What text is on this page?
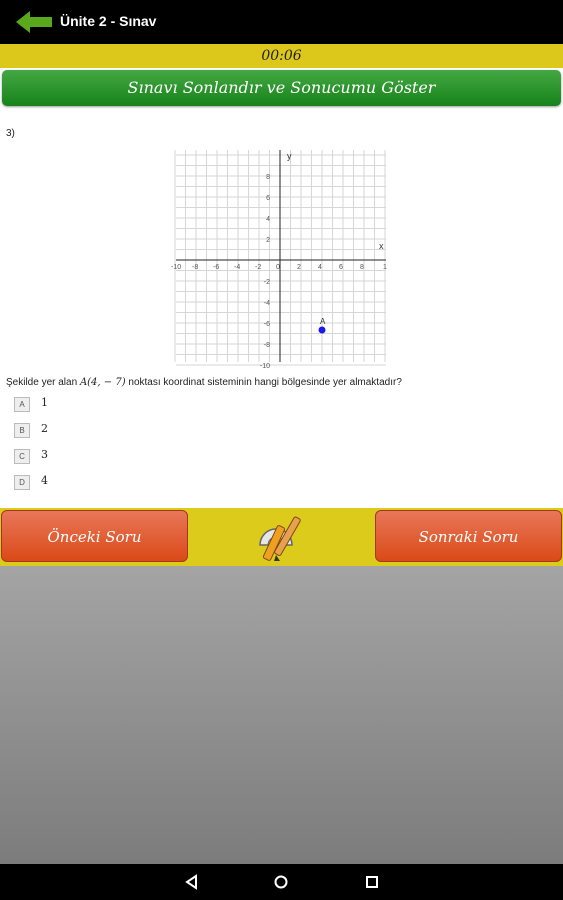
Ünite 2 - Sınav
00:06
Sınavı Sonlandır ve Sonucumu Göster
3)
-10 -8 -6 -4 -2 0 2 4 6 8	1
8
6
4
2
-2
-4
-6
-8
-10
x
y
A
Şekilde yer alan A(4, − 7) noktası koordinat sisteminin hangi bölgesinde yer almaktadır?
A	1
B	2
C	3
D	4
Önceki Soru	Sonraki Soru
